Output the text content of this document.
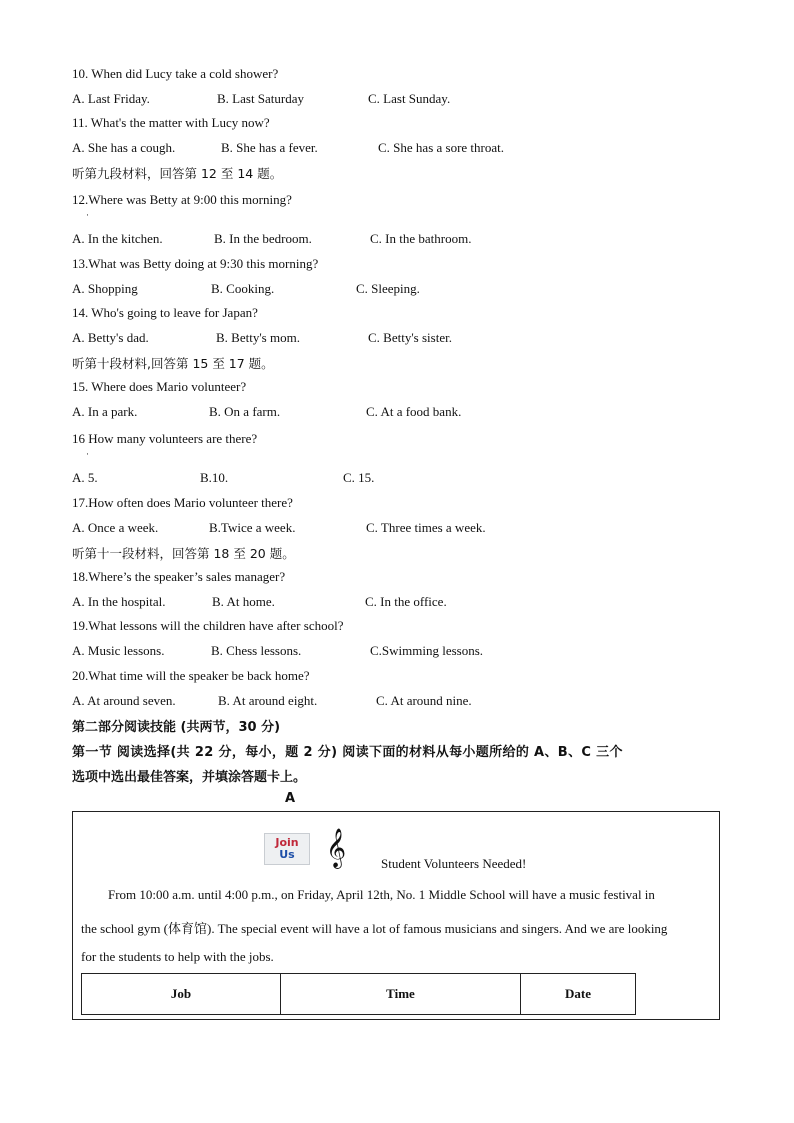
10. When did Lucy take a cold shower?
A. Last Friday.	B. Last Saturday	C. Last Sunday.
11. What's the matter with Lucy now?
A. She has a cough.	B. She has a fever.	C. She has a sore throat.
听第九段材料，回答第 12 至 14 题。
12.Where was Betty at 9:00 this morning?
·
A. In the kitchen.	B. In the bedroom.	C. In the bathroom.
13.What was Betty doing at 9:30 this morning?
A. Shopping	B. Cooking.	C. Sleeping.
14. Who's going to leave for Japan?
A. Betty's dad.	B. Betty's mom.	C. Betty's sister.
听第十段材料,回答第 15 至 17 题。
15. Where does Mario volunteer?
A. In a park.	B. On a farm.	C. At a food bank.
16 How many volunteers are there?
·
A. 5.	B.10.	C. 15.
17.How often does Mario volunteer there?
A. Once a week.	B.Twice a week.	C. Three times a week.
听第十一段材料，回答第 18 至 20 题。
18.Where’s the speaker’s sales manager?
A. In the hospital.	B. At home.	C. In the office.
19.What lessons will the children have after school?
A. Music lessons.	B. Chess lessons.	C.Swimming lessons.
20.What time will the speaker be back home?
A. At around seven.	B. At around eight.	C. At around nine.
第二部分阅读技能 (共两节，30 分)
第一节 阅读选择(共 22 分，每小，题 2 分) 阅读下面的材料从每小题所给的 A、B、C 三个
选项中选出最佳答案，并填涂答题卡上。
A
Join
Us 𝄞	Student Volunteers Needed!
From 10:00 a.m. until 4:00 p.m., on Friday, April 12th, No. 1 Middle School will have a music festival in
the school gym (体育馆). The special event will have a lot of famous musicians and singers. And we are looking
for the students to help with the jobs.
Job	Time	Date
